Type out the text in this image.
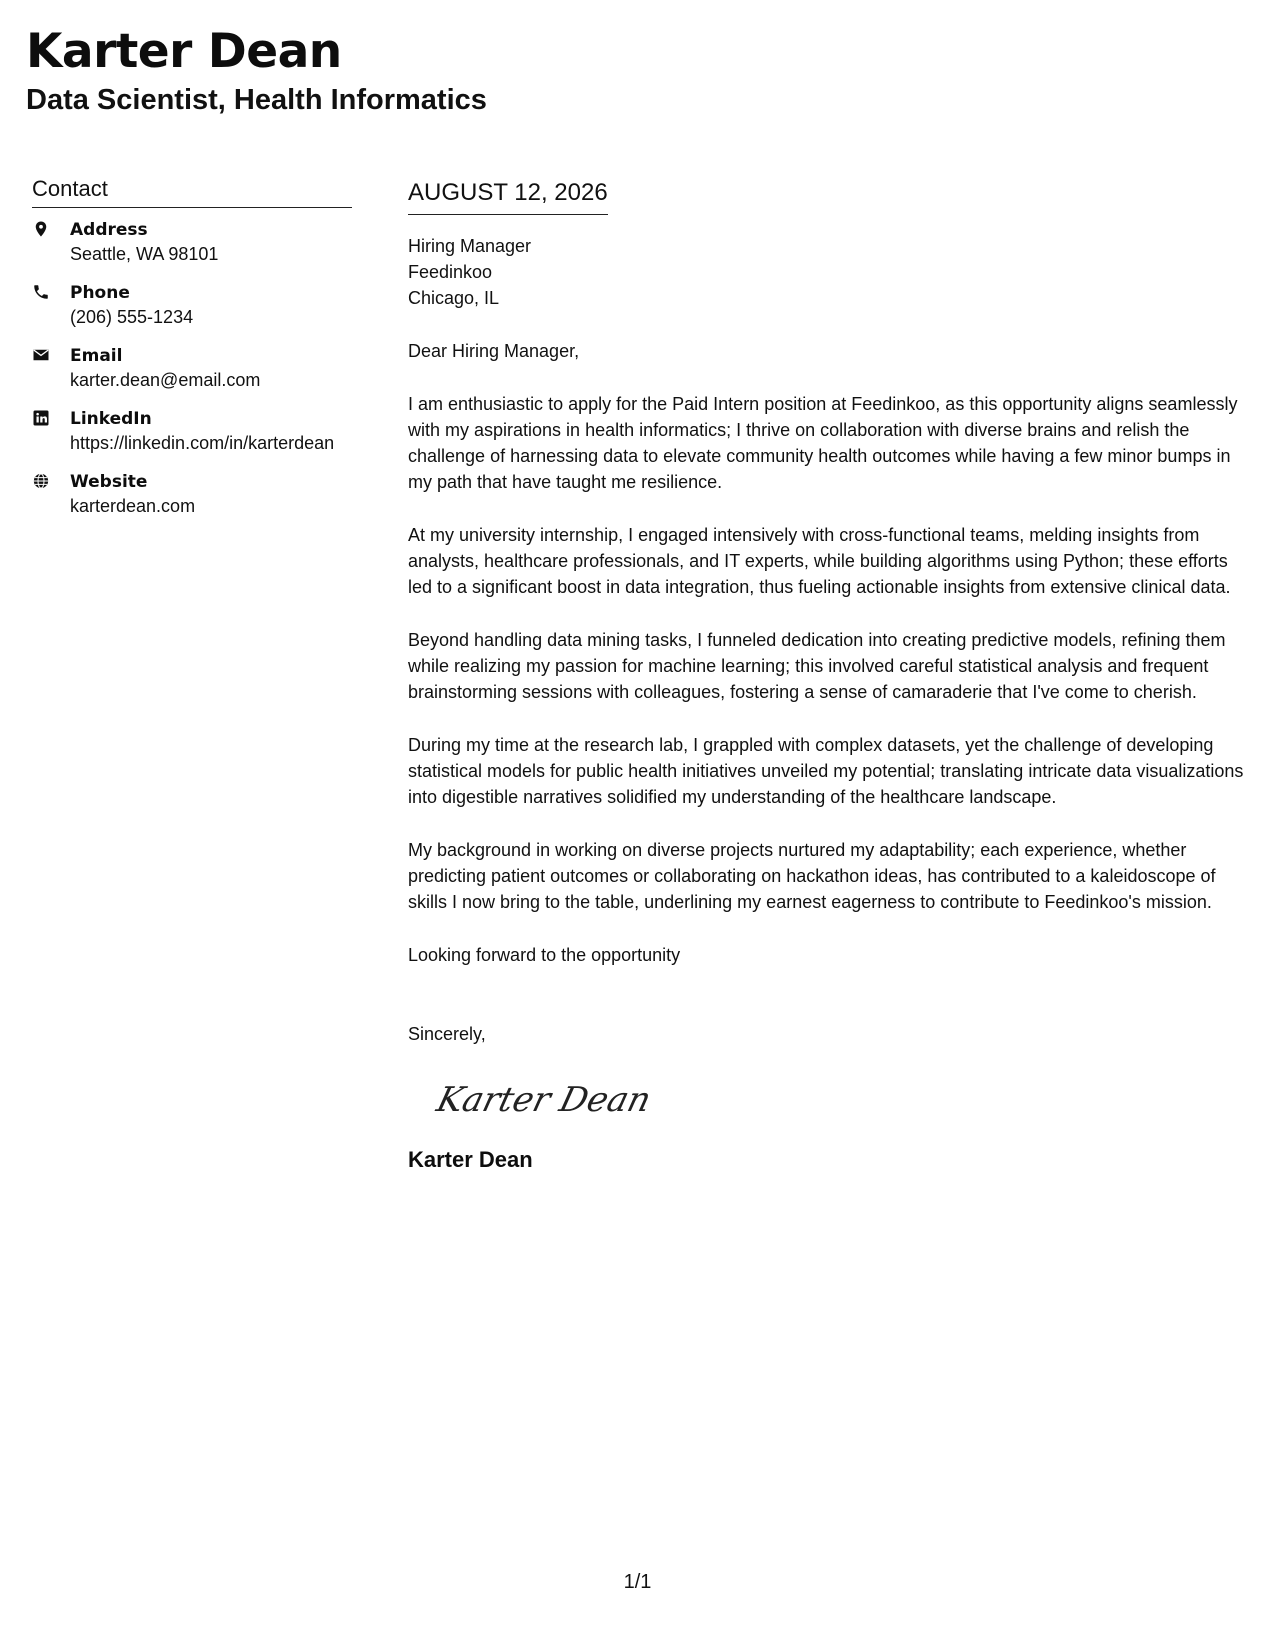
Karter Dean
Data Scientist, Health Informatics
Contact
Address
Seattle, WA 98101
Phone
(206) 555-1234
Email
karter.dean@email.com
LinkedIn
https://linkedin.com/in/karterdean
Website
karterdean.com
AUGUST 12, 2026
Hiring Manager
Feedinkoo
Chicago, IL

Dear Hiring Manager,

I am enthusiastic to apply for the Paid Intern position at Feedinkoo, as this opportunity aligns seamlessly with my aspirations in health informatics; I thrive on collaboration with diverse brains and relish the challenge of harnessing data to elevate community health outcomes while having a few minor bumps in my path that have taught me resilience.

At my university internship, I engaged intensively with cross-functional teams, melding insights from analysts, healthcare professionals, and IT experts, while building algorithms using Python; these efforts led to a significant boost in data integration, thus fueling actionable insights from extensive clinical data.

Beyond handling data mining tasks, I funneled dedication into creating predictive models, refining them while realizing my passion for machine learning; this involved careful statistical analysis and frequent brainstorming sessions with colleagues, fostering a sense of camaraderie that I've come to cherish.

During my time at the research lab, I grappled with complex datasets, yet the challenge of developing statistical models for public health initiatives unveiled my potential; translating intricate data visualizations into digestible narratives solidified my understanding of the healthcare landscape.

My background in working on diverse projects nurtured my adaptability; each experience, whether predicting patient outcomes or collaborating on hackathon ideas, has contributed to a kaleidoscope of skills I now bring to the table, underlining my earnest eagerness to contribute to Feedinkoo's mission.

Looking forward to the opportunity

Sincerely,

Karter Dean
Karter Dean
1/1
